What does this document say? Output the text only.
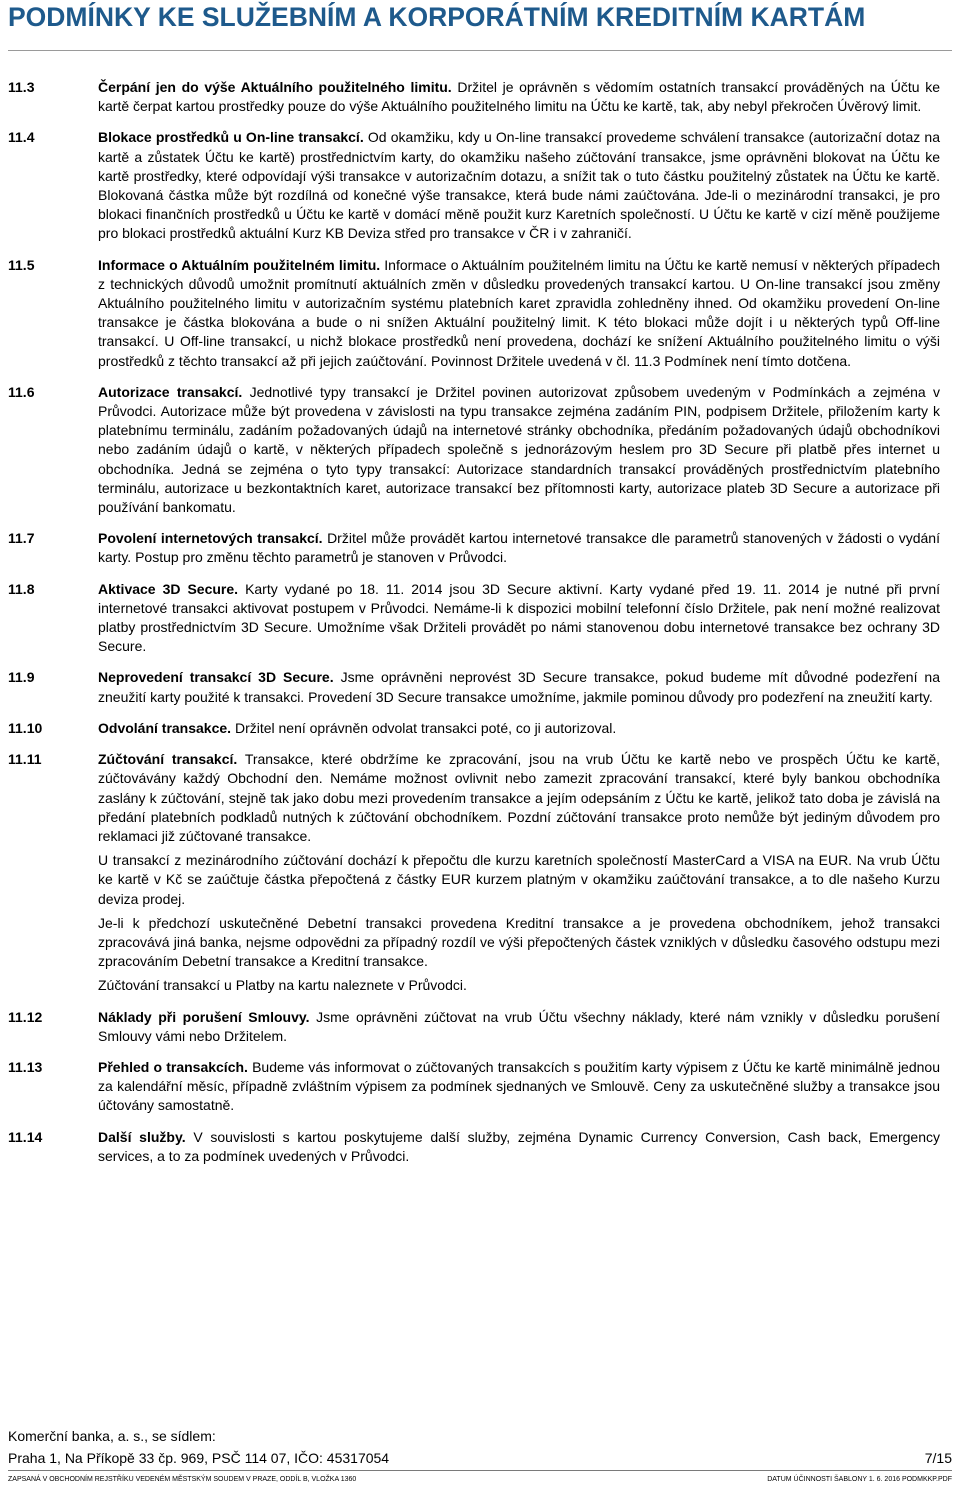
PODMÍNKY KE SLUŽEBNÍM A KORPORÁTNÍM KREDITNÍM KARTÁM
11.3	Čerpání jen do výše Aktuálního použitelného limitu. Držitel je oprávněn s vědomím ostatních transakcí prováděných na Účtu ke kartě čerpat kartou prostředky pouze do výše Aktuálního použitelného limitu na Účtu ke kartě, tak, aby nebyl překročen Úvěrový limit.

11.4	Blokace prostředků u On-line transakcí. Od okamžiku, kdy u On-line transakcí provedeme schválení transakce (autorizační dotaz na kartě a zůstatek Účtu ke kartě) prostřednictvím karty, do okamžiku našeho zúčtování transakce, jsme oprávněni blokovat na Účtu ke kartě prostředky, které odpovídají výši transakce v autorizačním dotazu, a snížit tak o tuto částku použitelný zůstatek na Účtu ke kartě. Blokovaná částka může být rozdílná od konečné výše transakce, která bude námi zaúčtována. Jde-li o mezinárodní transakci, je pro blokaci finančních prostředků u Účtu ke kartě v domácí měně použit kurz Karetních společností. U Účtu ke kartě v cizí měně použijeme pro blokaci prostředků aktuální Kurz KB Deviza střed pro transakce v ČR i v zahraničí.

11.5	Informace o Aktuálním použitelném limitu. Informace o Aktuálním použitelném limitu na Účtu ke kartě nemusí v některých případech z technických důvodů umožnit promítnutí aktuálních změn v důsledku provedených transakcí kartou. U On-line transakcí jsou změny Aktuálního použitelného limitu v autorizačním systému platebních karet zpravidla zohledněny ihned. Od okamžiku provedení On-line transakce je částka blokována a bude o ni snížen Aktuální použitelný limit. K této blokaci může dojít i u některých typů Off-line transakcí. U Off-line transakcí, u nichž blokace prostředků není provedena, dochází ke snížení Aktuálního použitelného limitu o výši prostředků z těchto transakcí až při jejich zaúčtování. Povinnost Držitele uvedená v čl. 11.3 Podmínek není tímto dotčena.

11.6	Autorizace transakcí. Jednotlivé typy transakcí je Držitel povinen autorizovat způsobem uvedeným v Podmínkách a zejména v Průvodci. Autorizace může být provedena v závislosti na typu transakce zejména zadáním PIN, podpisem Držitele, přiložením karty k platebnímu terminálu, zadáním požadovaných údajů na internetové stránky obchodníka, předáním požadovaných údajů obchodníkovi nebo zadáním údajů o kartě, v některých případech společně s jednorázovým heslem pro 3D Secure při platbě přes internet u obchodníka. Jedná se zejména o tyto typy transakcí: Autorizace standardních transakcí prováděných prostřednictvím platebního terminálu, autorizace u bezkontaktních karet, autorizace transakcí bez přítomnosti karty, autorizace plateb 3D Secure a autorizace při používání bankomatu.

11.7	Povolení internetových transakcí. Držitel může provádět kartou internetové transakce dle parametrů stanovených v žádosti o vydání karty. Postup pro změnu těchto parametrů je stanoven v Průvodci.

11.8	Aktivace 3D Secure. Karty vydané po 18. 11. 2014 jsou 3D Secure aktivní. Karty vydané před 19. 11. 2014 je nutné při první internetové transakci aktivovat postupem v Průvodci. Nemáme-li k dispozici mobilní telefonní číslo Držitele, pak není možné realizovat platby prostřednictvím 3D Secure. Umožníme však Držiteli provádět po námi stanovenou dobu internetové transakce bez ochrany 3D Secure.

11.9	Neprovedení transakcí 3D Secure. Jsme oprávněni neprovést 3D Secure transakce, pokud budeme mít důvodné podezření na zneužití karty použité k transakci. Provedení 3D Secure transakce umožníme, jakmile pominou důvody pro podezření na zneužití karty.

11.10	Odvolání transakce. Držitel není oprávněn odvolat transakci poté, co ji autorizoval.

11.11	Zúčtování transakcí. Transakce, které obdržíme ke zpracování, jsou na vrub Účtu ke kartě nebo ve prospěch Účtu ke kartě, zúčtovávány každý Obchodní den. Nemáme možnost ovlivnit nebo zamezit zpracování transakcí, které byly bankou obchodníka zaslány k zúčtování, stejně tak jako dobu mezi provedením transakce a jejím odepsáním z Účtu ke kartě, jelikož tato doba je závislá na předání platebních podkladů nutných k zúčtování obchodníkem. Pozdní zúčtování transakce proto nemůže být jediným důvodem pro reklamaci již zúčtované transakce.

U transakcí z mezinárodního zúčtování dochází k přepočtu dle kurzu karetních společností MasterCard a VISA na EUR. Na vrub Účtu ke kartě v Kč se zaúčtuje částka přepočtená z částky EUR kurzem platným v okamžiku zaúčtování transakce, a to dle našeho Kurzu deviza prodej.

Je-li k předchozí uskutečněné Debetní transakci provedena Kreditní transakce a je provedena obchodníkem, jehož transakci zpracovává jiná banka, nejsme odpovědni za případný rozdíl ve výši přepočtených částek vzniklých v důsledku časového odstupu mezi zpracováním Debetní transakce a Kreditní transakce.

Zúčtování transakcí u Platby na kartu naleznete v Průvodci.

11.12	Náklady při porušení Smlouvy. Jsme oprávněni zúčtovat na vrub Účtu všechny náklady, které nám vznikly v důsledku porušení Smlouvy vámi nebo Držitelem.

11.13	Přehled o transakcích. Budeme vás informovat o zúčtovaných transakcích s použitím karty výpisem z Účtu ke kartě minimálně jednou za kalendářní měsíc, případně zvláštním výpisem za podmínek sjednaných ve Smlouvě. Ceny za uskutečněné služby a transakce jsou účtovány samostatně.

11.14	Další služby. V souvislosti s kartou poskytujeme další služby, zejména Dynamic Currency Conversion, Cash back, Emergency services, a to za podmínek uvedených v Průvodci.

Komerční banka, a. s., se sídlem:
Praha 1, Na Příkopě 33 čp. 969, PSČ 114 07, IČO: 45317054	7/15
ZAPSANÁ V OBCHODNÍM REJSTŘÍKU VEDENÉM MĚSTSKÝM SOUDEM V PRAZE, ODDÍL B, VLOŽKA 1360	DATUM ÚČINNOSTI ŠABLONY 1. 6. 2016 PODMKKP.PDF
